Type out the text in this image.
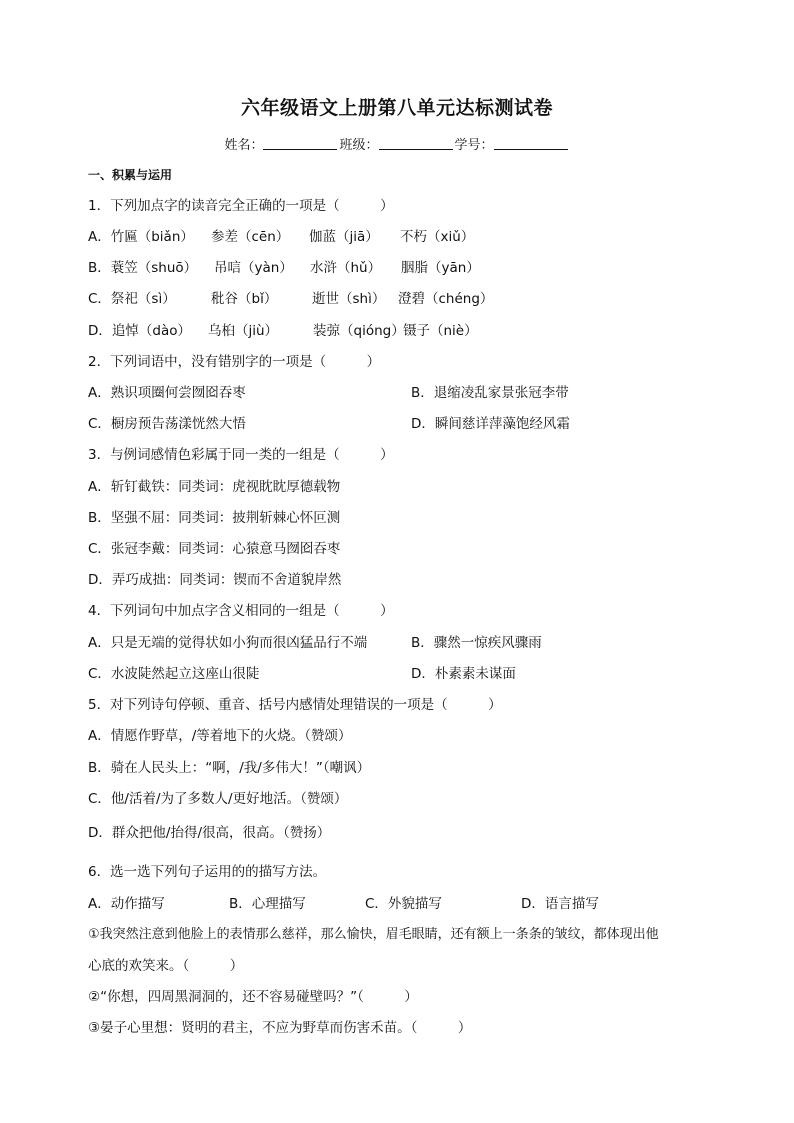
六年级语文上册第八单元达标测试卷
姓名：	班级：	学号：
一、积累与运用
1．下列加点字的读音完全正确的一项是（　　　）
A．竹匾（biǎn） 参差（cēn） 伽蓝（jiā） 不朽（xiǔ）
B．蓑笠（shuō） 吊唁（yàn） 水浒（hǔ） 胭脂（yān）
C．祭祀（sì）	秕谷（bǐ）	逝世（shì） 澄碧（chéng）
D．追悼（dào） 乌桕（jiù）	装弶（qióng）
镊子（niè）
2．下列词语中，没有错别字的一项是（　　　）
A．熟识项圈何尝囫囵吞枣	B．退缩凌乱家景张冠李带
C．橱房预告荡漾恍然大悟	D．瞬间慈详萍藻饱经风霜
3．与例词感情色彩属于同一类的一组是（　　　）
A．斩钉截铁：同类词：虎视眈眈厚德载物
B．坚强不屈：同类词：披荆斩棘心怀叵测
C．张冠李戴：同类词：心猿意马囫囵吞枣
D．弄巧成拙：同类词：锲而不舍道貌岸然
4．下列词句中加点字含义相同的一组是（　　　）
A．只是无端的觉得状如小狗而很凶猛品行不端	B．骤然一惊疾风骤雨
C．水波陡然起立这座山很陡	D．朴素素未谋面
5．对下列诗句停顿、重音、括号内感情处理错误的一项是（　　　）
A．情愿作野草，/等着地下的火烧。（赞颂）
B．骑在人民头上：“啊，/我/多伟大！”（嘲讽）
C．他/活着/为了多数人/更好地活。（赞颂）
D．群众把他/抬得/很高，很高。（赞扬）
6．选一选下列句子运用的的描写方法。
A．动作描写	B．心理描写	C．外貌描写	D．语言描写
①我突然注意到他脸上的表情那么慈祥，那么愉快，眉毛眼睛，还有额上一条条的皱纹，都体现出他
心底的欢笑来。（　　　）
②“你想，四周黑洞洞的，还不容易碰壁吗？”（　　　）
③晏子心里想：贤明的君主，不应为野草而伤害禾苗。（　　　）
